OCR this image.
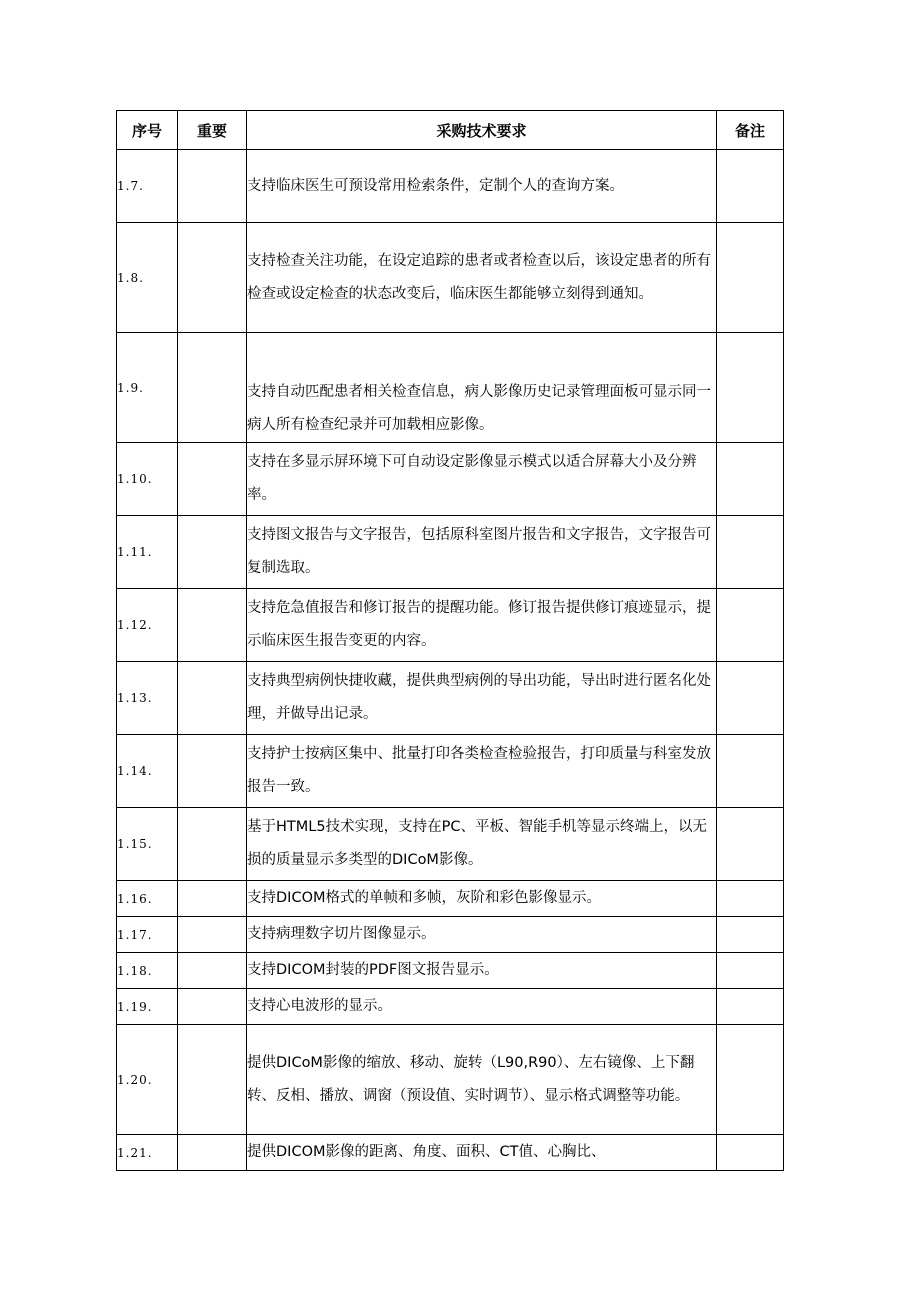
序号	重要	采购技术要求	备注
1.7.		支持临床医生可预设常用检索条件，定制个人的查询方案。	
1.8.		支持检查关注功能，在设定追踪的患者或者检查以后，该设定患者的所有检查或设定检查的状态改变后，临床医生都能够立刻得到通知。	
1.9.		支持自动匹配患者相关检查信息，病人影像历史记录管理面板可显示同一病人所有检查纪录并可加载相应影像。	
1.10.		支持在多显示屏环境下可自动设定影像显示模式以适合屏幕大小及分辨率。	
1.11.		支持图文报告与文字报告，包括原科室图片报告和文字报告，文字报告可复制选取。	
1.12.		支持危急值报告和修订报告的提醒功能。修订报告提供修订痕迹显示，提示临床医生报告变更的内容。	
1.13.		支持典型病例快捷收藏，提供典型病例的导出功能，导出时进行匿名化处理，并做导出记录。	
1.14.		支持护士按病区集中、批量打印各类检查检验报告，打印质量与科室发放报告一致。	
1.15.		基于HTML5技术实现，支持在PC、平板、智能手机等显示终端上，以无损的质量显示多类型的DICoM影像。	
1.16.		支持DICOM格式的单帧和多帧，灰阶和彩色影像显示。	
1.17.		支持病理数字切片图像显示。	
1.18.		支持DICOM封装的PDF图文报告显示。	
1.19.		支持心电波形的显示。	
1.20.		提供DICoM影像的缩放、移动、旋转（L90,R90）、左右镜像、上下翻转、反相、播放、调窗（预设值、实时调节）、显示格式调整等功能。	
1.21.		提供DICOM影像的距离、角度、面积、CT值、心胸比、	
